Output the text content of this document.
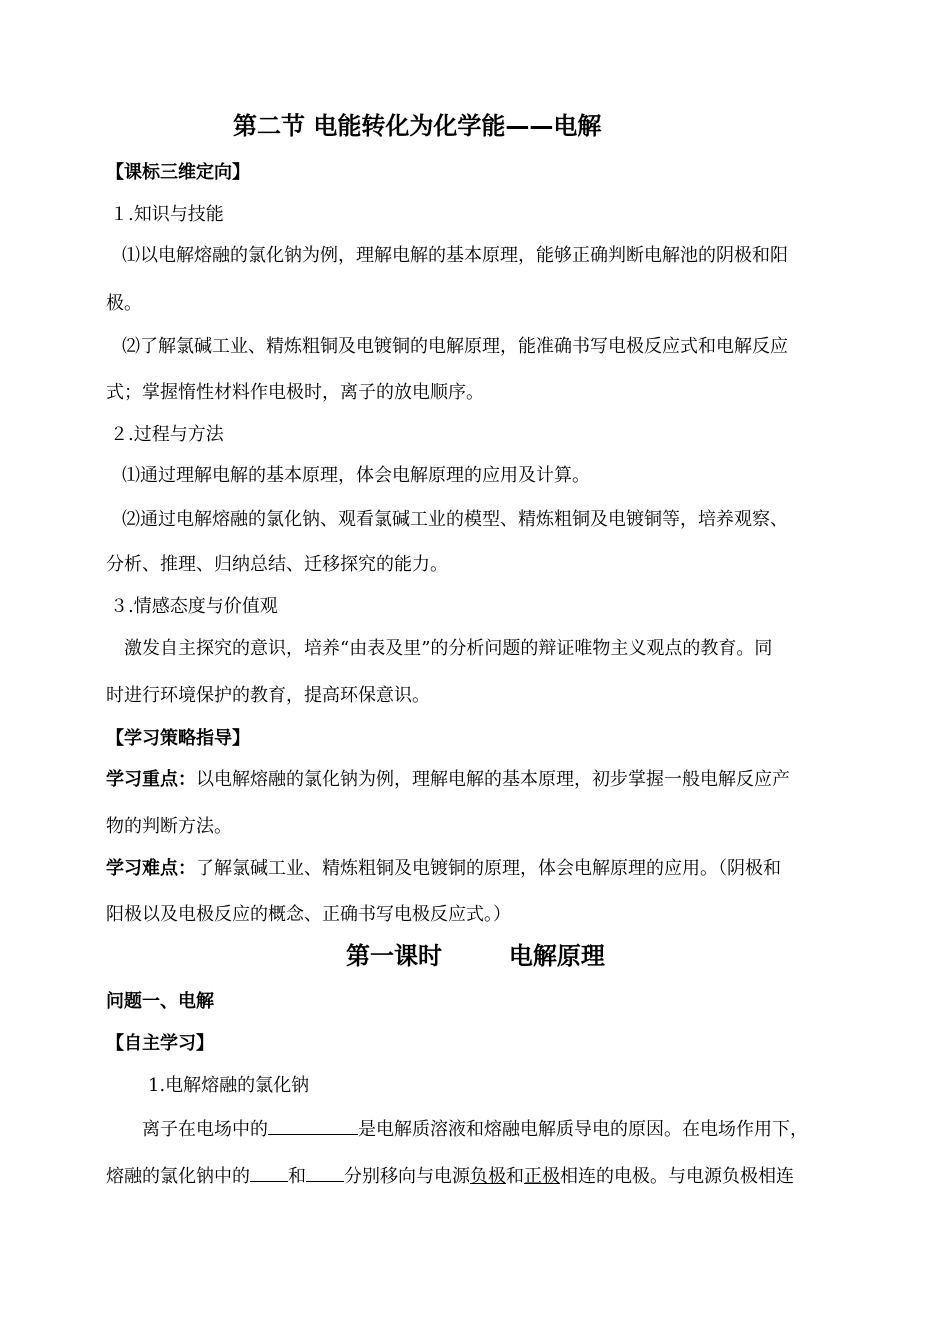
第二节 电能转化为化学能——电解
【课标三维定向】
１.知识与技能
⑴以电解熔融的氯化钠为例，理解电解的基本原理，能够正确判断电解池的阴极和阳
极。
⑵了解氯碱工业、精炼粗铜及电镀铜的电解原理，能准确书写电极反应式和电解反应
式；掌握惰性材料作电极时，离子的放电顺序。
２.过程与方法
⑴通过理解电解的基本原理，体会电解原理的应用及计算。
⑵通过电解熔融的氯化钠、观看氯碱工业的模型、精炼粗铜及电镀铜等，培养观察、
分析、推理、归纳总结、迁移探究的能力。
３.情感态度与价值观
激发自主探究的意识，培养“由表及里”的分析问题的辩证唯物主义观点的教育。同
时进行环境保护的教育，提高环保意识。
【学习策略指导】
学习重点：以电解熔融的氯化钠为例，理解电解的基本原理，初步掌握一般电解反应产
物的判断方法。
学习难点：了解氯碱工业、精炼粗铜及电镀铜的原理，体会电解原理的应用。（阴极和
阳极以及电极反应的概念、正确书写电极反应式。）
第一课时        电解原理
问题一、电解
【自主学习】
1.电解熔融的氯化钠
离子在电场中的	是电解质溶液和熔融电解质导电的原因。在电场作用下，
熔融的氯化钠中的 和 分别移向与电源负极和正极相连的电极。与电源负极相连
